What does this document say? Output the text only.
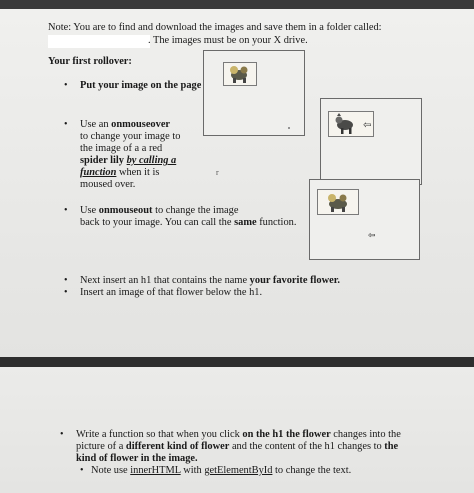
Note: You are to find and download the images and save them in a folder called:
. The images must be on your X drive.
Your first rollover:
• Put your image on the page
• Use an onmouseover
to change your image to
the image of a a red
spider lily by calling a
function when it is
moused over.
⇦
r
• Use onmouseout to change the image
back to your image. You can call the same function.
⇦
• Next insert an h1 that contains the name your favorite flower.
• Insert an image of that flower below the h1.
• Write a function so that when you click on the h1 the flower changes into the
picture of a different kind of flower and the content of the h1 changes to the
kind of flower in the image.
• Note use innerHTML with getElementById to change the text.
